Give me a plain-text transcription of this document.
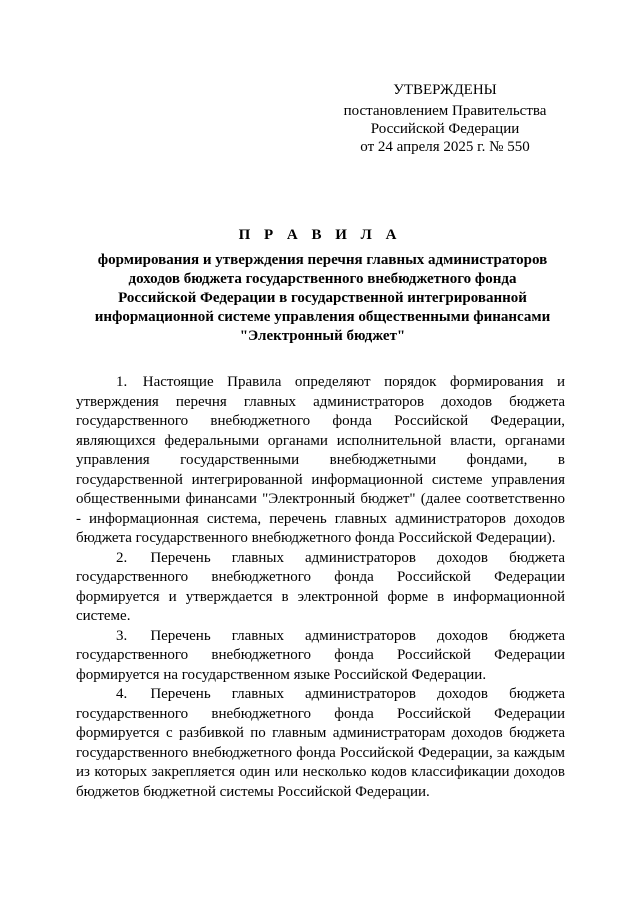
УТВЕРЖДЕНЫ
постановлением Правительства
Российской Федерации
от 24 апреля 2025 г. № 550
П Р А В И Л А
формирования и утверждения перечня главных администраторов
доходов бюджета государственного внебюджетного фонда
Российской Федерации в государственной интегрированной
информационной системе управления общественными финансами
"Электронный бюджет"

1. Настоящие Правила определяют порядок формирования и утверждения перечня главных администраторов доходов бюджета государственного внебюджетного фонда Российской Федерации, являющихся федеральными органами исполнительной власти, органами управления государственными внебюджетными фондами, в государственной интегрированной информационной системе управления общественными финансами "Электронный бюджет" (далее соответственно - информационная система, перечень главных администраторов доходов бюджета государственного внебюджетного фонда Российской Федерации).

2. Перечень главных администраторов доходов бюджета государственного внебюджетного фонда Российской Федерации формируется и утверждается в электронной форме в информационной системе.

3. Перечень главных администраторов доходов бюджета государственного внебюджетного фонда Российской Федерации формируется на государственном языке Российской Федерации.

4. Перечень главных администраторов доходов бюджета государственного внебюджетного фонда Российской Федерации формируется с разбивкой по главным администраторам доходов бюджета государственного внебюджетного фонда Российской Федерации, за каждым из которых закрепляется один или несколько кодов классификации доходов бюджетов бюджетной системы Российской Федерации.
